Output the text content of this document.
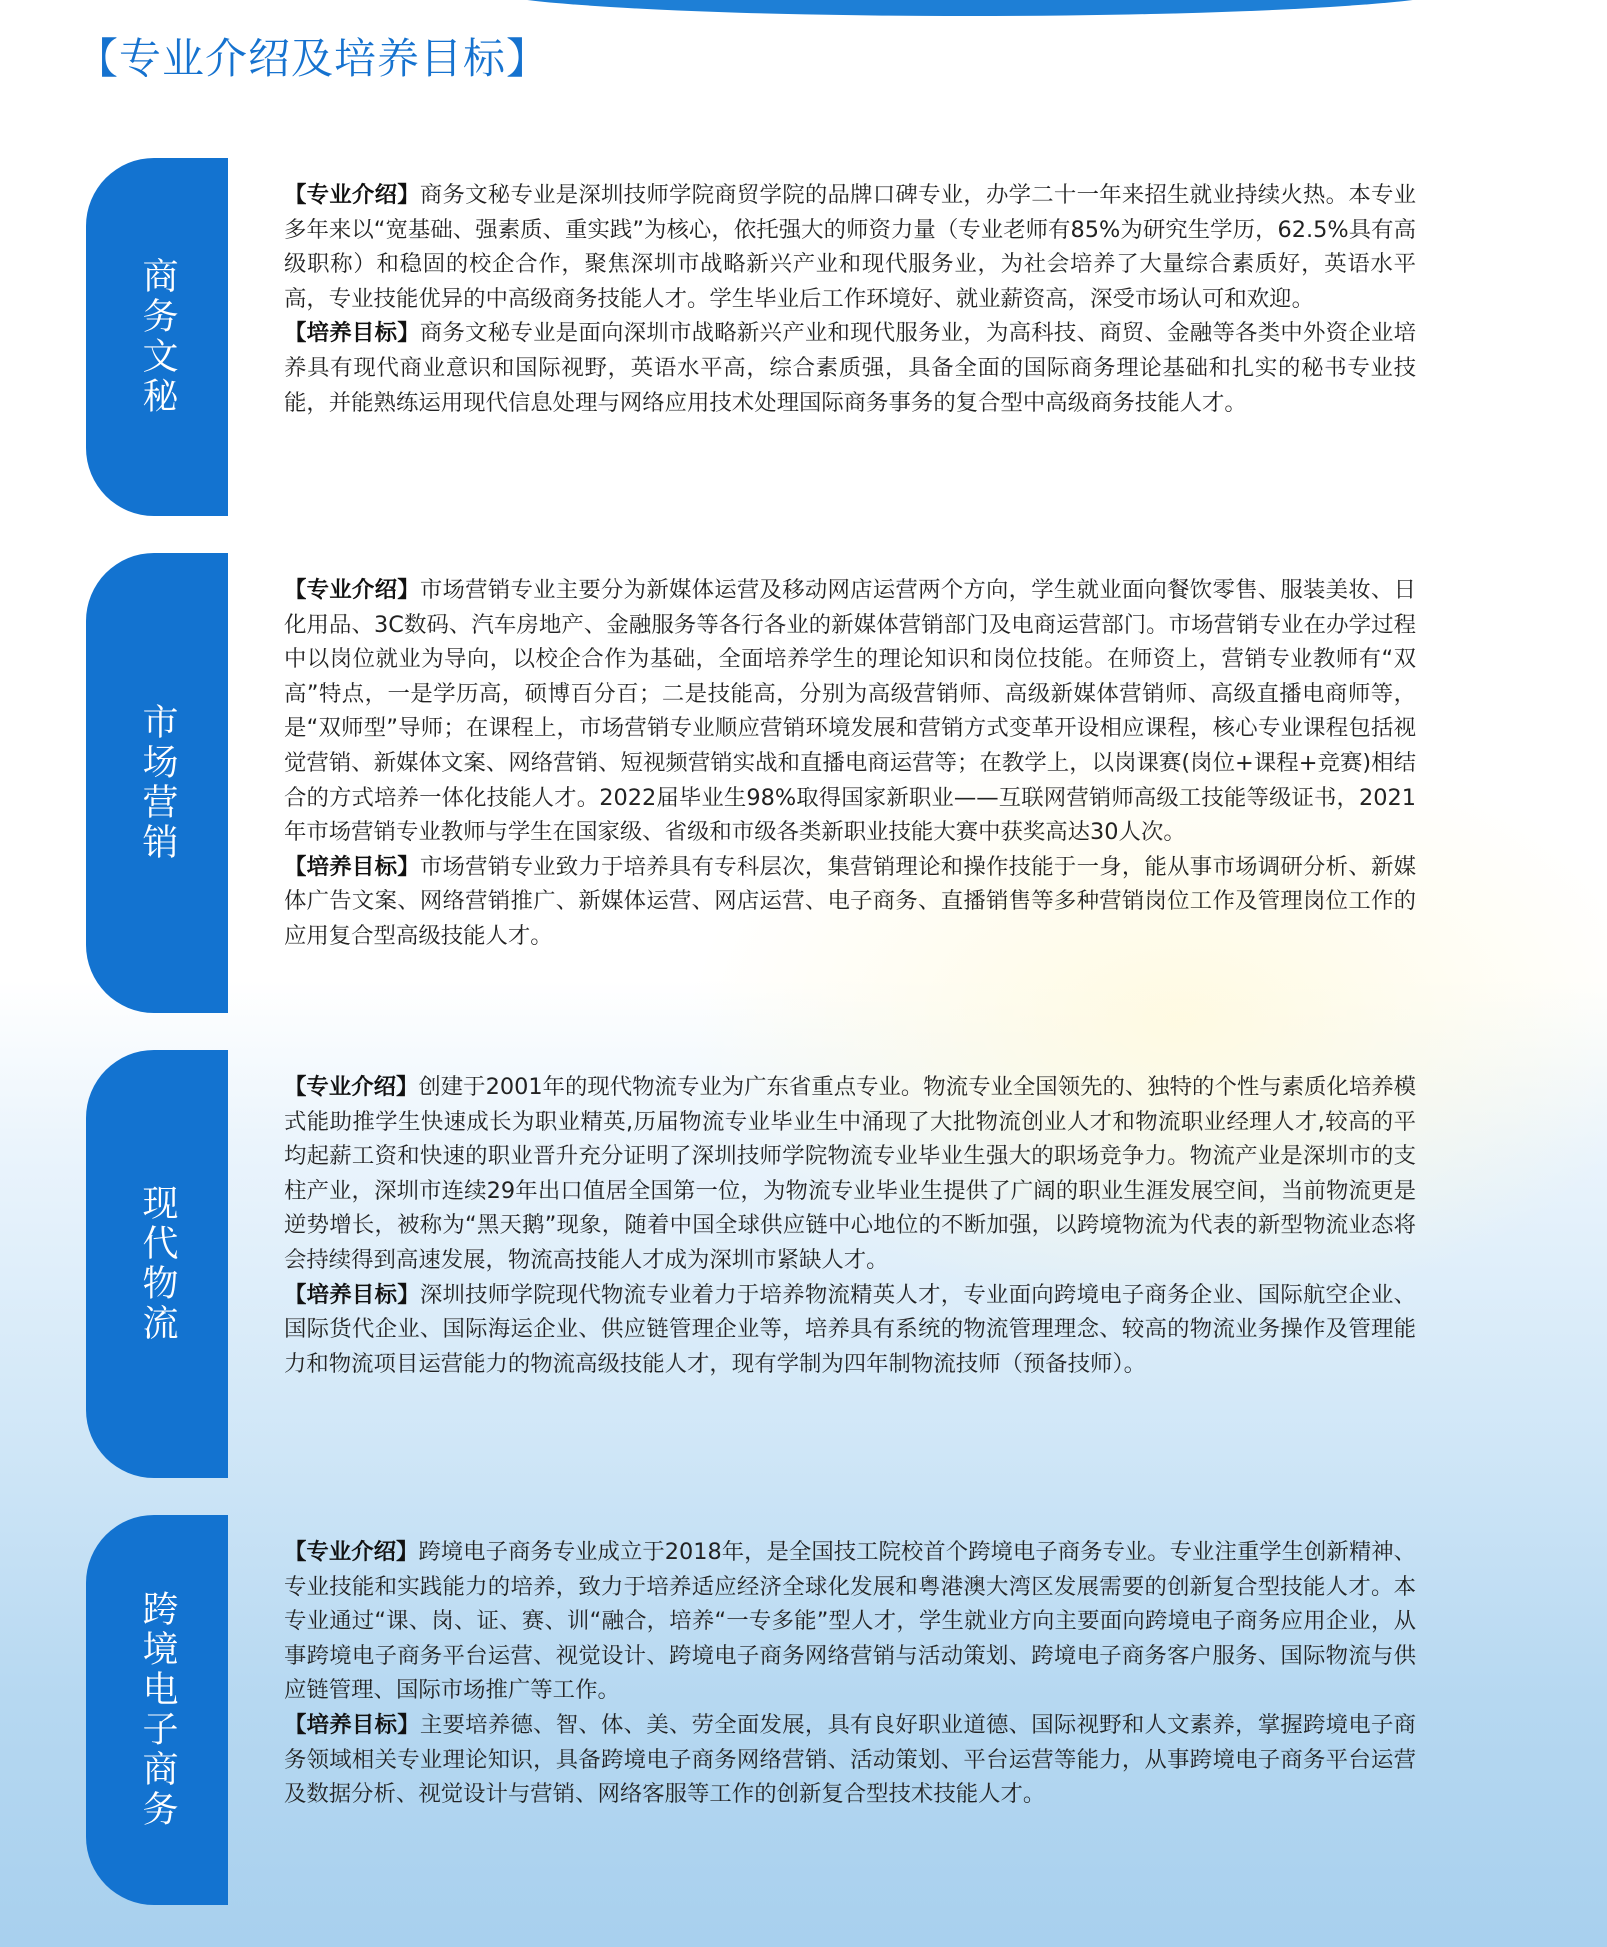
【专业介绍及培养目标】
商务文秘

【专业介绍】商务文秘专业是深圳技师学院商贸学院的品牌口碑专业，办学二十一年来招生就业持续火热。本专业多年来以“宽基础、强素质、重实践”为核心，依托强大的师资力量（专业老师有85%为研究生学历，62.5%具有高级职称）和稳固的校企合作，聚焦深圳市战略新兴产业和现代服务业，为社会培养了大量综合素质好，英语水平高，专业技能优异的中高级商务技能人才。学生毕业后工作环境好、就业薪资高，深受市场认可和欢迎。

【培养目标】商务文秘专业是面向深圳市战略新兴产业和现代服务业，为高科技、商贸、金融等各类中外资企业培养具有现代商业意识和国际视野，英语水平高，综合素质强，具备全面的国际商务理论基础和扎实的秘书专业技能，并能熟练运用现代信息处理与网络应用技术处理国际商务事务的复合型中高级商务技能人才。

市场营销

【专业介绍】市场营销专业主要分为新媒体运营及移动网店运营两个方向，学生就业面向餐饮零售、服装美妆、日化用品、3C数码、汽车房地产、金融服务等各行各业的新媒体营销部门及电商运营部门。市场营销专业在办学过程中以岗位就业为导向，以校企合作为基础，全面培养学生的理论知识和岗位技能。在师资上，营销专业教师有“双高”特点，一是学历高，硕博百分百；二是技能高，分别为高级营销师、高级新媒体营销师、高级直播电商师等，是“双师型”导师；在课程上，市场营销专业顺应营销环境发展和营销方式变革开设相应课程，核心专业课程包括视觉营销、新媒体文案、网络营销、短视频营销实战和直播电商运营等；在教学上，以岗课赛(岗位+课程+竞赛)相结合的方式培养一体化技能人才。2022届毕业生98%取得国家新职业——互联网营销师高级工技能等级证书，2021年市场营销专业教师与学生在国家级、省级和市级各类新职业技能大赛中获奖高达30人次。

【培养目标】市场营销专业致力于培养具有专科层次，集营销理论和操作技能于一身，能从事市场调研分析、新媒体广告文案、网络营销推广、新媒体运营、网店运营、电子商务、直播销售等多种营销岗位工作及管理岗位工作的应用复合型高级技能人才。

现代物流

【专业介绍】创建于2001年的现代物流专业为广东省重点专业。物流专业全国领先的、独特的个性与素质化培养模式能助推学生快速成长为职业精英,历届物流专业毕业生中涌现了大批物流创业人才和物流职业经理人才,较高的平均起薪工资和快速的职业晋升充分证明了深圳技师学院物流专业毕业生强大的职场竞争力。物流产业是深圳市的支柱产业，深圳市连续29年出口值居全国第一位，为物流专业毕业生提供了广阔的职业生涯发展空间，当前物流更是逆势增长，被称为“黑天鹅”现象，随着中国全球供应链中心地位的不断加强，以跨境物流为代表的新型物流业态将会持续得到高速发展，物流高技能人才成为深圳市紧缺人才。

【培养目标】深圳技师学院现代物流专业着力于培养物流精英人才，专业面向跨境电子商务企业、国际航空企业、国际货代企业、国际海运企业、供应链管理企业等，培养具有系统的物流管理理念、较高的物流业务操作及管理能力和物流项目运营能力的物流高级技能人才，现有学制为四年制物流技师（预备技师）。

跨境电子商务

【专业介绍】跨境电子商务专业成立于2018年，是全国技工院校首个跨境电子商务专业。专业注重学生创新精神、专业技能和实践能力的培养，致力于培养适应经济全球化发展和粤港澳大湾区发展需要的创新复合型技能人才。本专业通过“课、岗、证、赛、训“融合，培养“一专多能”型人才，学生就业方向主要面向跨境电子商务应用企业，从事跨境电子商务平台运营、视觉设计、跨境电子商务网络营销与活动策划、跨境电子商务客户服务、国际物流与供应链管理、国际市场推广等工作。

【培养目标】主要培养德、智、体、美、劳全面发展，具有良好职业道德、国际视野和人文素养，掌握跨境电子商务领域相关专业理论知识，具备跨境电子商务网络营销、活动策划、平台运营等能力，从事跨境电子商务平台运营及数据分析、视觉设计与营销、网络客服等工作的创新复合型技术技能人才。
